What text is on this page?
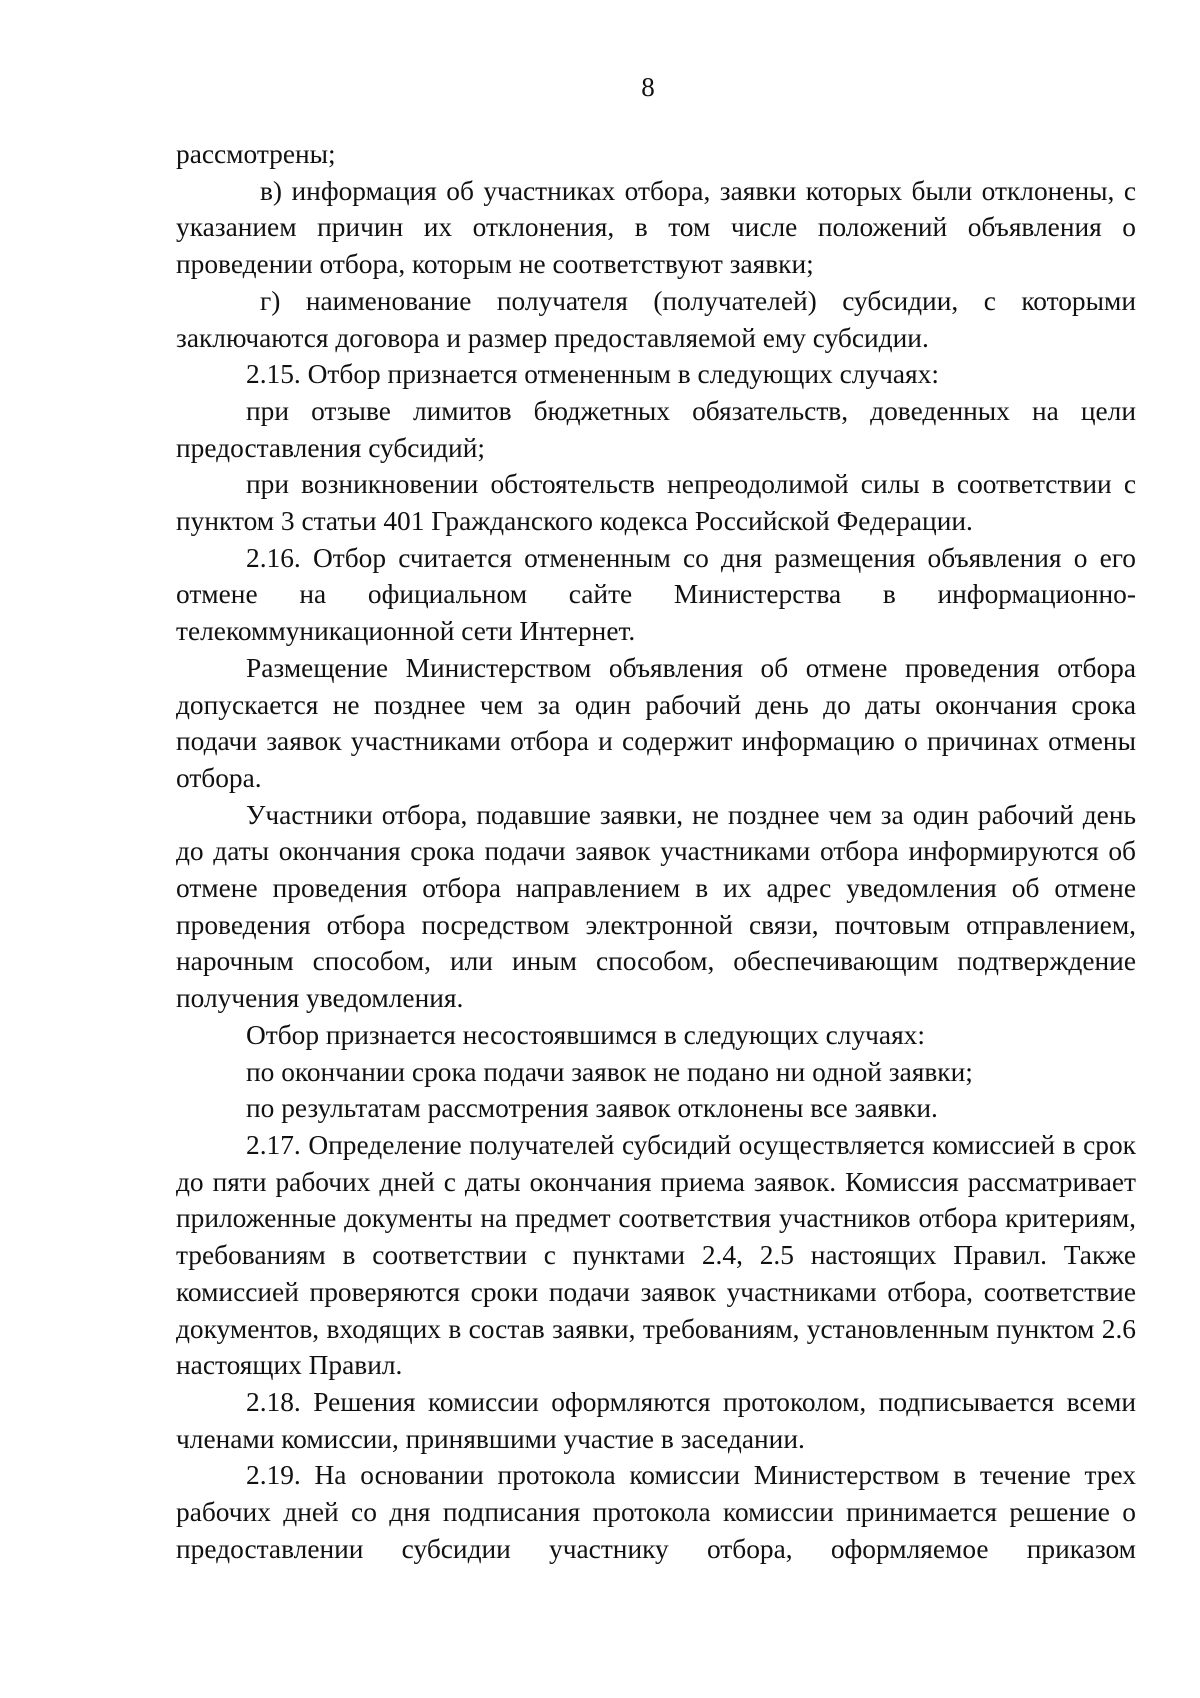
8

рассмотрены;

в) информация об участниках отбора, заявки которых были отклонены, с указанием причин их отклонения, в том числе положений объявления о проведении отбора, которым не соответствуют заявки;

г) наименование получателя (получателей) субсидии, с которыми заключаются договора и размер предоставляемой ему субсидии.

2.15. Отбор признается отмененным в следующих случаях:

при отзыве лимитов бюджетных обязательств, доведенных на цели предоставления субсидий;

при возникновении обстоятельств непреодолимой силы в соответствии с пунктом 3 статьи 401 Гражданского кодекса Российской Федерации.

2.16. Отбор считается отмененным со дня размещения объявления о его отмене на официальном сайте Министерства в информационно-телекоммуникационной сети Интернет.

Размещение Министерством объявления об отмене проведения отбора допускается не позднее чем за один рабочий день до даты окончания срока подачи заявок участниками отбора и содержит информацию о причинах отмены отбора.

Участники отбора, подавшие заявки, не позднее чем за один рабочий день до даты окончания срока подачи заявок участниками отбора информируются об отмене проведения отбора направлением в их адрес уведомления об отмене проведения отбора посредством электронной связи, почтовым отправлением, нарочным способом, или иным способом, обеспечивающим подтверждение получения уведомления.

Отбор признается несостоявшимся в следующих случаях:

по окончании срока подачи заявок не подано ни одной заявки;

по результатам рассмотрения заявок отклонены все заявки.

2.17. Определение получателей субсидий осуществляется комиссией в срок до пяти рабочих дней с даты окончания приема заявок. Комиссия рассматривает приложенные документы на предмет соответствия участников отбора критериям, требованиям в соответствии с пунктами 2.4, 2.5 настоящих Правил. Также комиссией проверяются сроки подачи заявок участниками отбора, соответствие документов, входящих в состав заявки, требованиям, установленным пунктом 2.6 настоящих Правил.

2.18. Решения комиссии оформляются протоколом, подписывается всеми членами комиссии, принявшими участие в заседании.

2.19. На основании протокола комиссии Министерством в течение трех рабочих дней со дня подписания протокола комиссии принимается решение о предоставлении субсидии участнику отбора, оформляемое приказом
